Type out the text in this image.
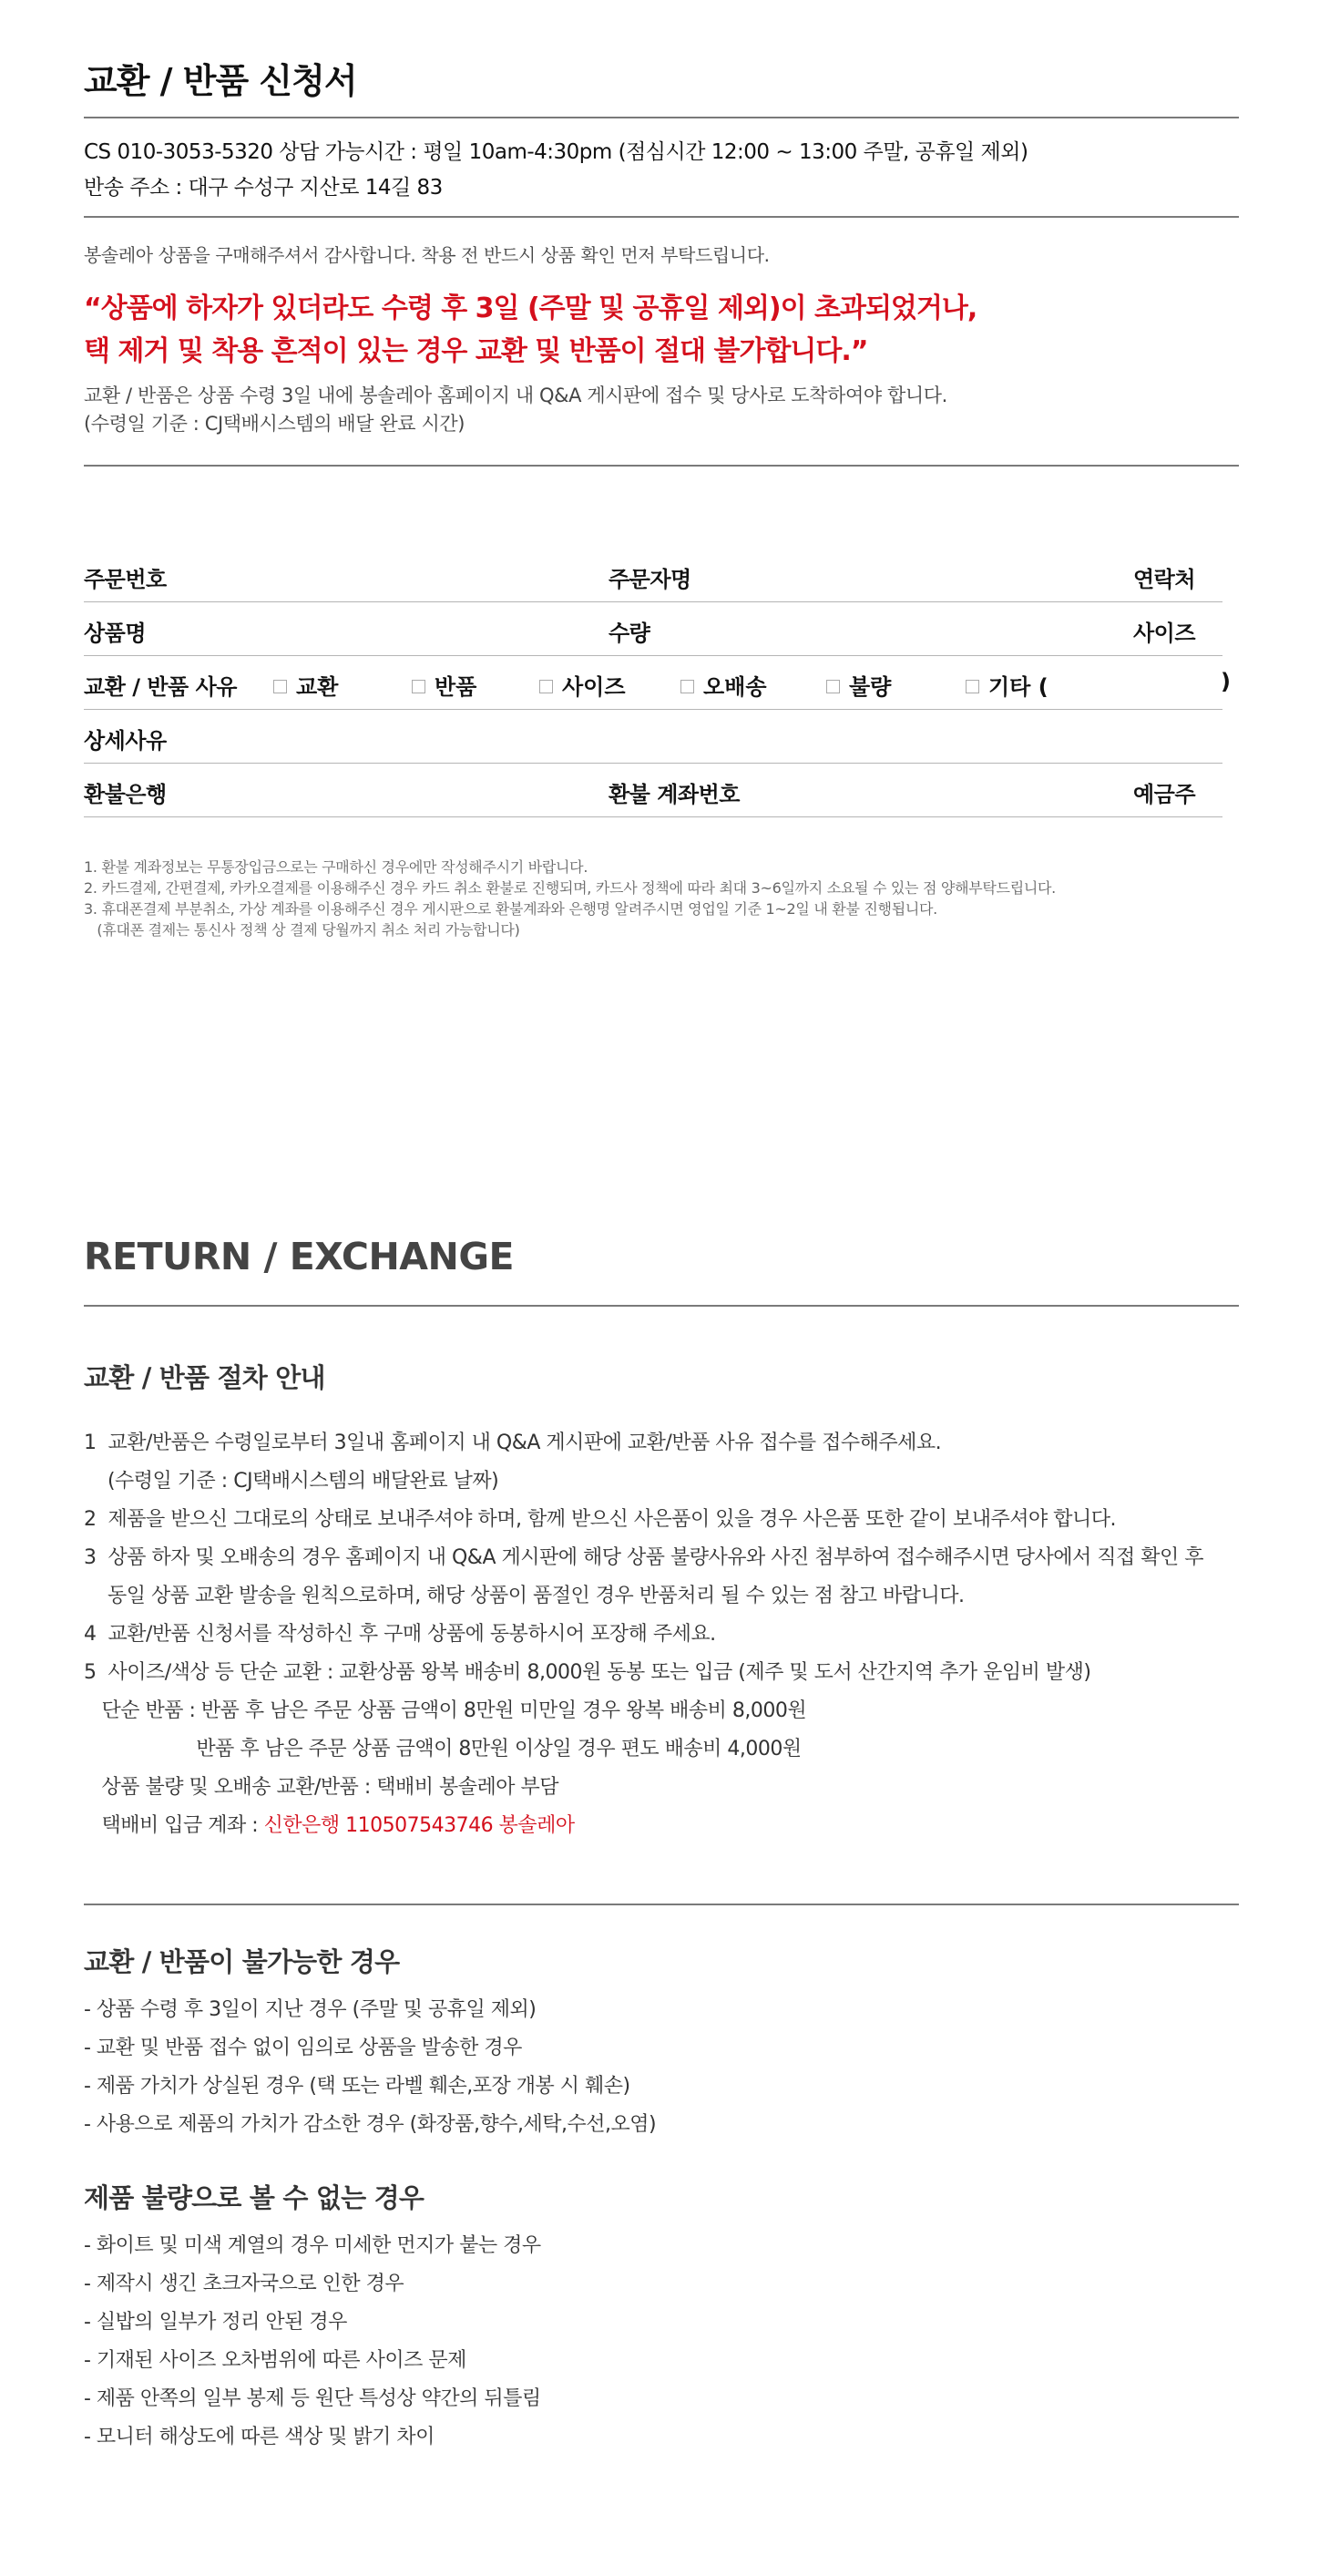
교환 / 반품 신청서
CS 010-3053-5320 상담 가능시간 : 평일 10am-4:30pm (점심시간 12:00 ~ 13:00 주말, 공휴일 제외)
반송 주소 : 대구 수성구 지산로 14길 83
봉솔레아 상품을 구매해주셔서 감사합니다. 착용 전 반드시 상품 확인 먼저 부탁드립니다.
“상품에 하자가 있더라도 수령 후 3일 (주말 및 공휴일 제외)이 초과되었거나,
택 제거 및 착용 흔적이 있는 경우 교환 및 반품이 절대 불가합니다.”
교환 / 반품은 상품 수령 3일 내에 봉솔레아 홈페이지 내 Q&A 게시판에 접수 및 당사로 도착하여야 합니다.
(수령일 기준 : CJ택배시스템의 배달 완료 시간)
주문번호	주문자명	연락처
상품명	수량	사이즈
교환 / 반품 사유	교환	반품	사이즈	오배송	불량	기타 (	)
상세사유
환불은행	환불 계좌번호	예금주
1. 환불 계좌정보는 무통장입금으로는 구매하신 경우에만 작성해주시기 바랍니다.
2. 카드결제, 간편결제, 카카오결제를 이용해주신 경우 카드 취소 환불로 진행되며, 카드사 정책에 따라 최대 3~6일까지 소요될 수 있는 점 양해부탁드립니다.
3. 휴대폰결제 부분취소, 가상 계좌를 이용해주신 경우 게시판으로 환불계좌와 은행명 알려주시면 영업일 기준 1~2일 내 환불 진행됩니다.
(휴대폰 결제는 통신사 정책 상 결제 당월까지 취소 처리 가능합니다)
RETURN / EXCHANGE
교환 / 반품 절차 안내
1  교환/반품은 수령일로부터 3일내 홈페이지 내 Q&A 게시판에 교환/반품 사유 접수를 접수해주세요.
(수령일 기준 : CJ택배시스템의 배달완료 날짜)
2  제품을 받으신 그대로의 상태로 보내주셔야 하며, 함께 받으신 사은품이 있을 경우 사은품 또한 같이 보내주셔야 합니다.
3  상품 하자 및 오배송의 경우 홈페이지 내 Q&A 게시판에 해당 상품 불량사유와 사진 첨부하여 접수해주시면 당사에서 직접 확인 후
동일 상품 교환 발송을 원칙으로하며, 해당 상품이 품절인 경우 반품처리 될 수 있는 점 참고 바랍니다.
4  교환/반품 신청서를 작성하신 후 구매 상품에 동봉하시어 포장해 주세요.
5  사이즈/색상 등 단순 교환 : 교환상품 왕복 배송비 8,000원 동봉 또는 입금 (제주 및 도서 산간지역 추가 운임비 발생)
단순 반품 : 반품 후 남은 주문 상품 금액이 8만원 미만일 경우 왕복 배송비 8,000원
반품 후 남은 주문 상품 금액이 8만원 이상일 경우 편도 배송비 4,000원
상품 불량 및 오배송 교환/반품 : 택배비 봉솔레아 부담
택배비 입금 계좌 : 신한은행 110507543746 봉솔레아
교환 / 반품이 불가능한 경우
- 상품 수령 후 3일이 지난 경우 (주말 및 공휴일 제외)
- 교환 및 반품 접수 없이 임의로 상품을 발송한 경우
- 제품 가치가 상실된 경우 (택 또는 라벨 훼손,포장 개봉 시 훼손)
- 사용으로 제품의 가치가 감소한 경우 (화장품,향수,세탁,수선,오염)
제품 불량으로 볼 수 없는 경우
- 화이트 및 미색 계열의 경우 미세한 먼지가 붙는 경우
- 제작시 생긴 초크자국으로 인한 경우
- 실밥의 일부가 정리 안된 경우
- 기재된 사이즈 오차범위에 따른 사이즈 문제
- 제품 안쪽의 일부 봉제 등 원단 특성상 약간의 뒤틀림
- 모니터 해상도에 따른 색상 및 밝기 차이
